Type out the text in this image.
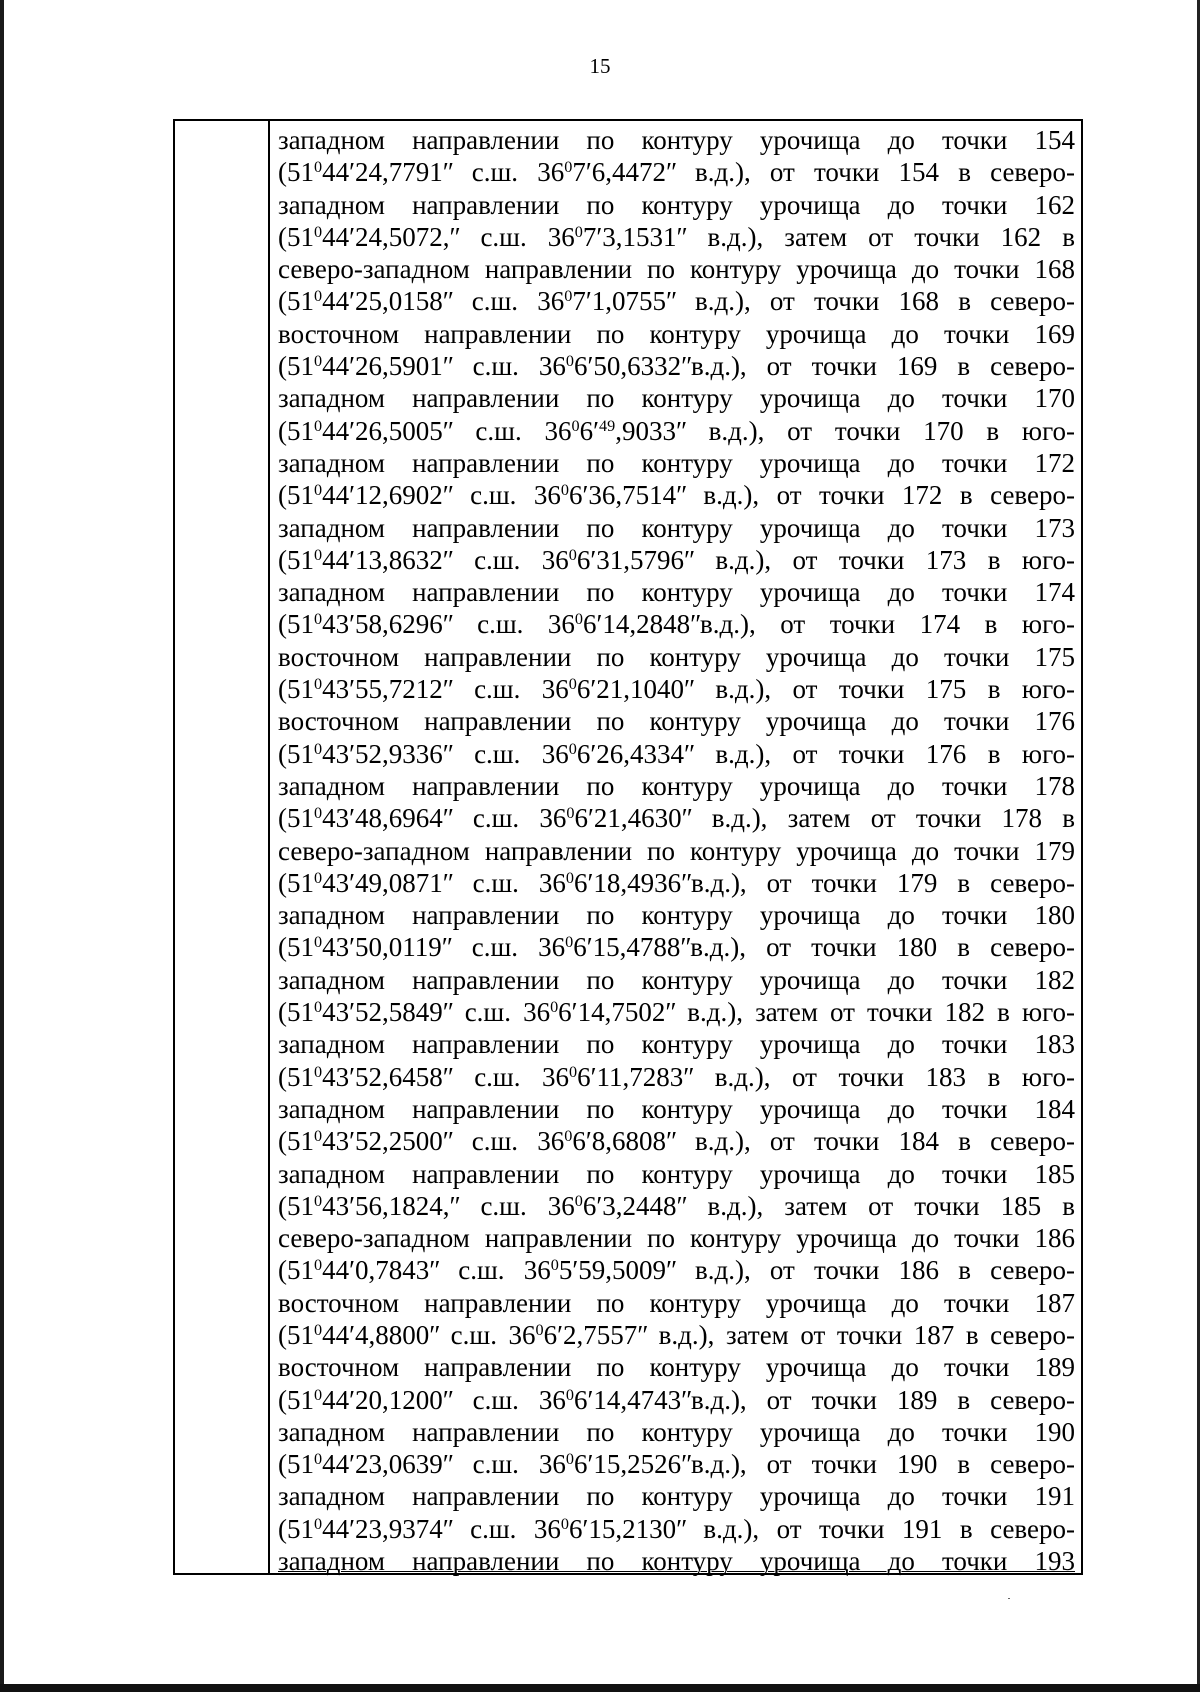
15
западном направлении по контуру урочища до точки 154
($51^044ʹ24,7791ʺ$ с.ш. $36^07ʹ6,4472ʺ$ в.д.), от точки 154 в северо-
западном направлении по контуру урочища до точки 162
($51^044ʹ24,5072,ʺ$ с.ш. $36^07ʹ3,1531ʺ$ в.д.), затем от точки 162 в
северо-западном направлении по контуру урочища до точки 168
($51^044ʹ25,0158ʺ$ с.ш. $36^07ʹ1,0755ʺ$ в.д.), от точки 168 в северо-
восточном направлении по контуру урочища до точки 169
($51^044ʹ26,5901ʺ$ с.ш. $36^06ʹ50,6332ʺв.д$.), от точки 169 в северо-
западном направлении по контуру урочища до точки 170
($51^044ʹ26,5005ʺ$ с.ш. $36^06ʹ^{49},9033ʺ$ в.д.), от точки 170 в юго-
западном направлении по контуру урочища до точки 172
($51^044ʹ12,6902ʺ$ с.ш. $36^06ʹ36,7514ʺ$ в.д.), от точки 172 в северо-
западном направлении по контуру урочища до точки 173
($51^044ʹ13,8632ʺ$ с.ш. $36^06ʹ31,5796ʺ$ в.д.), от точки 173 в юго-
западном направлении по контуру урочища до точки 174
($51^043ʹ58,6296ʺ$ с.ш. $36^06ʹ14,2848ʺв.д$.), от точки 174 в юго-
восточном направлении по контуру урочища до точки 175
($51^043ʹ55,7212ʺ$ с.ш. $36^06ʹ21,1040ʺ$ в.д.), от точки 175 в юго-
восточном направлении по контуру урочища до точки 176
($51^043ʹ52,9336ʺ$ с.ш. $36^06ʹ26,4334ʺ$ в.д.), от точки 176 в юго-
западном направлении по контуру урочища до точки 178
($51^043ʹ48,6964ʺ$ с.ш. $36^06ʹ21,4630ʺ$ в.д.), затем от точки 178 в
северо-западном направлении по контуру урочища до точки 179
($51^043ʹ49,0871ʺ$ с.ш. $36^06ʹ18,4936ʺв.д$.), от точки 179 в северо-
западном направлении по контуру урочища до точки 180
($51^043ʹ50,0119ʺ$ с.ш. $36^06ʹ15,4788ʺв.д$.), от точки 180 в северо-
западном направлении по контуру урочища до точки 182
($51^043ʹ52,5849ʺ$ с.ш. $36^06ʹ14,7502ʺ$ в.д.), затем от точки 182 в юго-
западном направлении по контуру урочища до точки 183
($51^043ʹ52,6458ʺ$ с.ш. $36^06ʹ11,7283ʺ$ в.д.), от точки 183 в юго-
западном направлении по контуру урочища до точки 184
($51^043ʹ52,2500ʺ$ с.ш. $36^06ʹ8,6808ʺ$ в.д.), от точки 184 в северо-
западном направлении по контуру урочища до точки 185
($51^043ʹ56,1824,ʺ$ с.ш. $36^06ʹ3,2448ʺ$ в.д.), затем от точки 185 в
северо-западном направлении по контуру урочища до точки 186
($51^044ʹ0,7843ʺ$ с.ш. $36^05ʹ59,5009ʺ$ в.д.), от точки 186 в северо-
восточном направлении по контуру урочища до точки 187
($51^044ʹ4,8800ʺ$ с.ш. $36^06ʹ2,7557ʺ$ в.д.), затем от точки 187 в северо-
восточном направлении по контуру урочища до точки 189
($51^044ʹ20,1200ʺ$ с.ш. $36^06ʹ14,4743ʺв.д$.), от точки 189 в северо-
западном направлении по контуру урочища до точки 190
($51^044ʹ23,0639ʺ$ с.ш. $36^06ʹ15,2526ʺв.д$.), от точки 190 в северо-
западном направлении по контуру урочища до точки 191
($51^044ʹ23,9374ʺ$ с.ш. $36^06ʹ15,2130ʺ$ в.д.), от точки 191 в северо-
западном направлении по контуру урочища до точки 193
